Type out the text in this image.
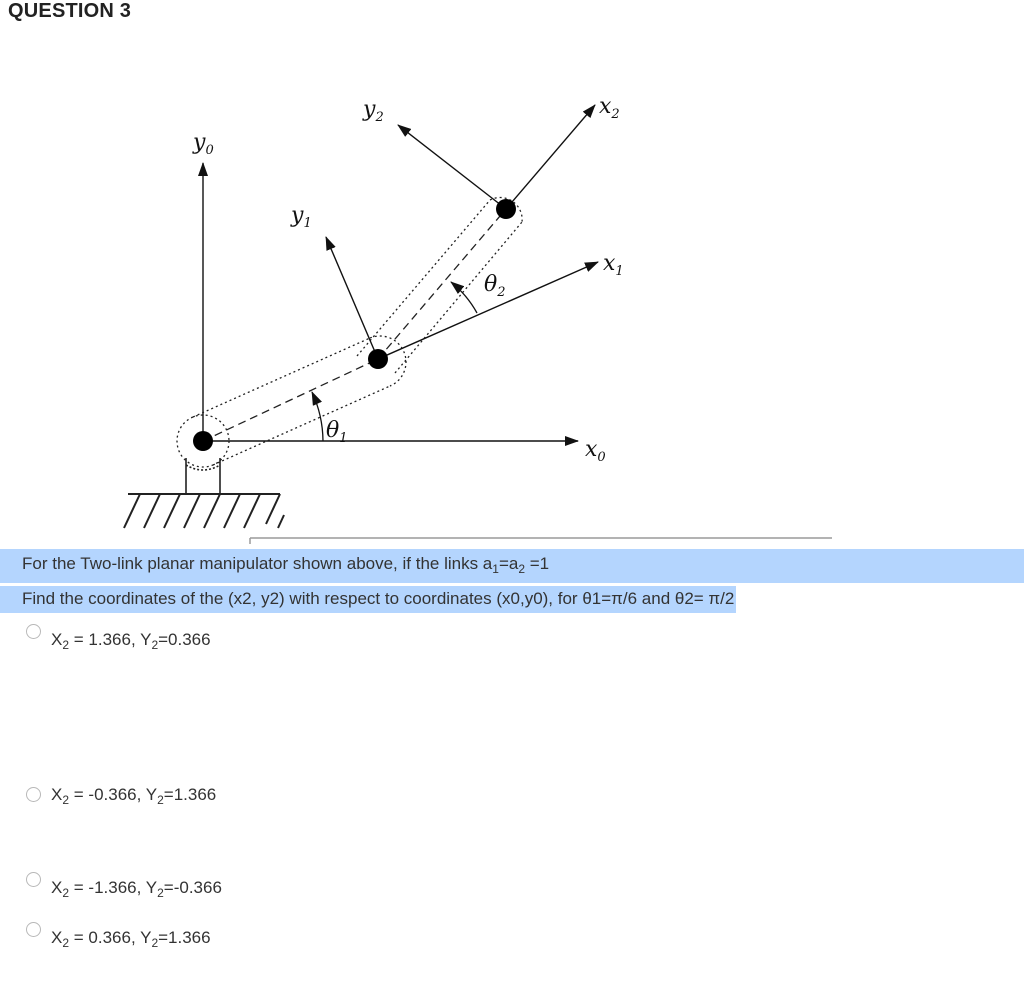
QUESTION 3
$y_0$
$x_0$
$y_1$
$x_1$
$y_2$	$x_2$
$\theta_1$
$\theta_2$
For the Two-link planar manipulator shown above, if the links $a_1=a_2 =1$
Find the coordinates of the (x2, y2) with respect to coordinates (x0,y0), for θ1=π/6 and θ2= π/2
$X_2 = 1.366$, $Y_2=0.366$
$X_2 = -0.366$, $Y_2=1.366$
$X_2 = -1.366$, $Y_2=-0.366$
$X_2 = 0.366$, $Y_2=1.366$
